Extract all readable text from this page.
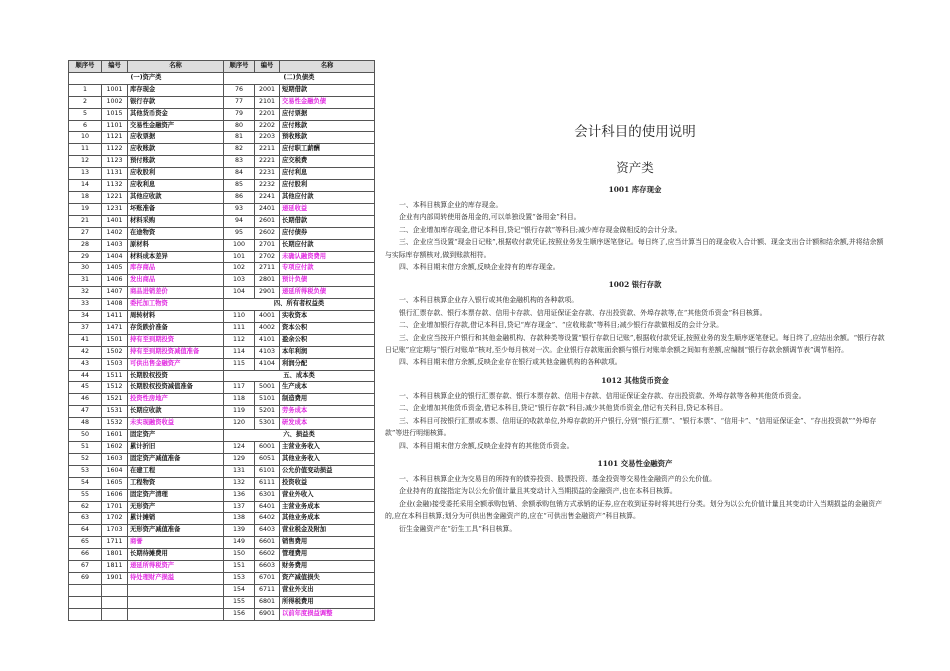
顺序号	编号	名称	顺序号	编号	名称
(一)资产类			(二)负债类		
1	1001	库存现金	76	2001	短期借款
2	1002	银行存款	77	2101	交易性金融负债
5	1015	其他货币资金	79	2201	应付票据
6	1101	交易性金融资产	80	2202	应付账款
10	1121	应收票据	81	2203	预收账款
11	1122	应收账款	82	2211	应付职工薪酬
12	1123	预付账款	83	2221	应交税费
13	1131	应收股利	84	2231	应付利息
14	1132	应收利息	85	2232	应付股利
18	1221	其他应收款	86	2241	其他应付款
19	1231	坏账准备	93	2401	递延收益
21	1401	材料采购	94	2601	长期借款
27	1402	在途物资	95	2602	应付债券
28	1403	原材料	100	2701	长期应付款
29	1404	材料成本差异	101	2702	未确认融资费用
30	1405	库存商品	102	2711	专项应付款
31	1406	发出商品	103	2801	预计负债
32	1407	商品进销差价	104	2901	递延所得税负债
33	1408	委托加工物资	四、所有者权益类		
34	1411	周转材料	110	4001	实收资本
37	1471	存货跌价准备	111	4002	资本公积
41	1501	持有至到期投资	112	4101	盈余公积
42	1502	持有至到期投资减值准备	114	4103	本年利润
43	1503	可供出售金融资产	115	4104	利润分配
44	1511	长期股权投资	五、成本类		
45	1512	长期股权投资减值准备	117	5001	生产成本
46	1521	投资性房地产	118	5101	制造费用
47	1531	长期应收款	119	5201	劳务成本
48	1532	未实现融资收益	120	5301	研发成本
50	1601	固定资产	六、损益类		
51	1602	累计折旧	124	6001	主营业务收入
52	1603	固定资产减值准备	129	6051	其他业务收入
53	1604	在建工程	131	6101	公允价值变动损益
54	1605	工程物资	132	6111	投资收益
55	1606	固定资产清理	136	6301	营业外收入
62	1701	无形资产	137	6401	主营业务成本
63	1702	累计摊销	138	6402	其他业务成本
64	1703	无形资产减值准备	139	6403	营业税金及附加
65	1711	商誉	149	6601	销售费用
66	1801	长期待摊费用	150	6602	管理费用
67	1811	递延所得税资产	151	6603	财务费用
69	1901	待处理财产损溢	153	6701	资产减值损失
			154	6711	营业外支出
			155	6801	所得税费用
			156	6901	以前年度损益调整
会计科目的使用说明
资产类
1001 库存现金

一、本科目核算企业的库存现金。

企业有内部周转使用备用金的,可以单独设置“备用金”科目。

二、企业增加库存现金,借记本科目,贷记“银行存款”等科目;减少库存现金做相反的会计分录。

三、企业应当设置“现金日记账”,根据收付款凭证,按照业务发生顺序逐笔登记。每日终了,应当计算当日的现金收入合计额、现金支出合计额和结余额,并将结余额与实际库存额核对,做到账款相符。

四、本科目期末借方余额,反映企业持有的库存现金。

1002 银行存款

一、本科目核算企业存入银行或其他金融机构的各种款项。

银行汇票存款、银行本票存款、信用卡存款、信用证保证金存款、存出投资款、外埠存款等,在“其他货币资金”科目核算。

二、企业增加银行存款,借记本科目,贷记“库存现金”、“应收账款”等科目;减少银行存款做相反的会计分录。

三、企业应当按开户银行和其他金融机构、存款种类等设置“银行存款日记账”,根据收付款凭证,按照业务的发生顺序逐笔登记。每日终了,应结出余额。“银行存款日记账”应定期与“银行对账单”核对,至少每月核对一次。企业银行存款账面余额与银行对账单余额之间如有差额,应编制“银行存款余额调节表”调节相符。

四、本科目期末借方余额,反映企业存在银行或其他金融机构的各种款项。

1012 其他货币资金

一、本科目核算企业的银行汇票存款、银行本票存款、信用卡存款、信用证保证金存款、存出投资款、外埠存款等各种其他货币资金。

二、企业增加其他货币资金,借记本科目,贷记“银行存款”科目;减少其他货币资金,借记有关科目,贷记本科目。

三、本科目可按银行汇票或本票、信用证的收款单位,外埠存款的开户银行,分别“银行汇票”、“银行本票”、“信用卡”、“信用证保证金”、“存出投资款”“外埠存款”等进行明细核算。

四、本科目期末借方余额,反映企业持有的其他货币资金。

1101 交易性金融资产

一、本科目核算企业为交易目的所持有的债券投资、股票投资、基金投资等交易性金融资产的公允价值。

企业持有的直接指定为以公允价值计量且其变动计入当期损益的金融资产,也在本科目核算。

企业(金融)接受委托采用全额承购包销、余额承购包销方式承销的证券,应在收到证券时将其进行分类。划分为以公允价值计量且其变动计入当期损益的金融资产的,应在本科目核算;划分为可供出售金融资产的,应在“可供出售金融资产”科目核算。

衍生金融资产在“衍生工具”科目核算。
